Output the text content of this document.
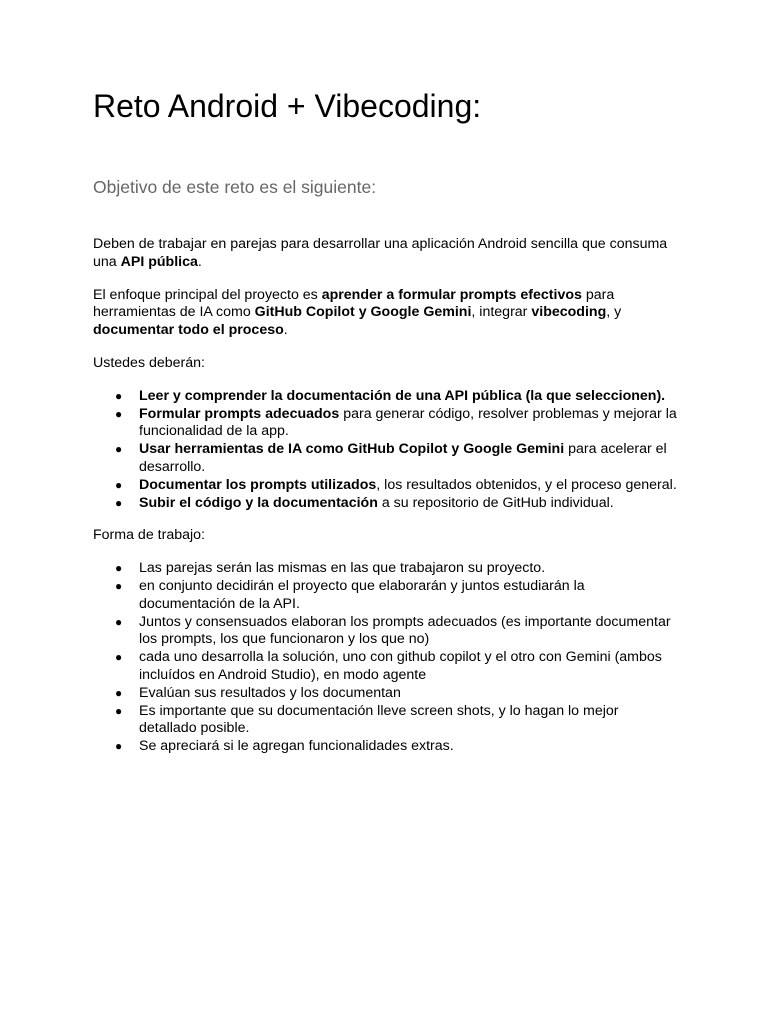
Reto Android + Vibecoding:
Objetivo de este reto es el siguiente:

Deben de trabajar en parejas para desarrollar una aplicación Android sencilla que consuma una API pública.

El enfoque principal del proyecto es aprender a formular prompts efectivos para herramientas de IA como GitHub Copilot y Google Gemini, integrar vibecoding, y documentar todo el proceso.

Ustedes deberán:

● Leer y comprender la documentación de una API pública (la que seleccionen).
● Formular prompts adecuados para generar código, resolver problemas y mejorar la funcionalidad de la app.
● Usar herramientas de IA como GitHub Copilot y Google Gemini para acelerar el desarrollo.
● Documentar los prompts utilizados, los resultados obtenidos, y el proceso general.
● Subir el código y la documentación a su repositorio de GitHub individual.

Forma de trabajo:

● Las parejas serán las mismas en las que trabajaron su proyecto.
● en conjunto decidirán el proyecto que elaborarán y juntos estudiarán la documentación de la API.
● Juntos y consensuados elaboran los prompts adecuados (es importante documentar los prompts, los que funcionaron y los que no)
● cada uno desarrolla la solución, uno con github copilot y el otro con Gemini (ambos incluídos en Android Studio), en modo agente
● Evalúan sus resultados y los documentan
● Es importante que su documentación lleve screen shots, y lo hagan lo mejor detallado posible.
● Se apreciará si le agregan funcionalidades extras.
